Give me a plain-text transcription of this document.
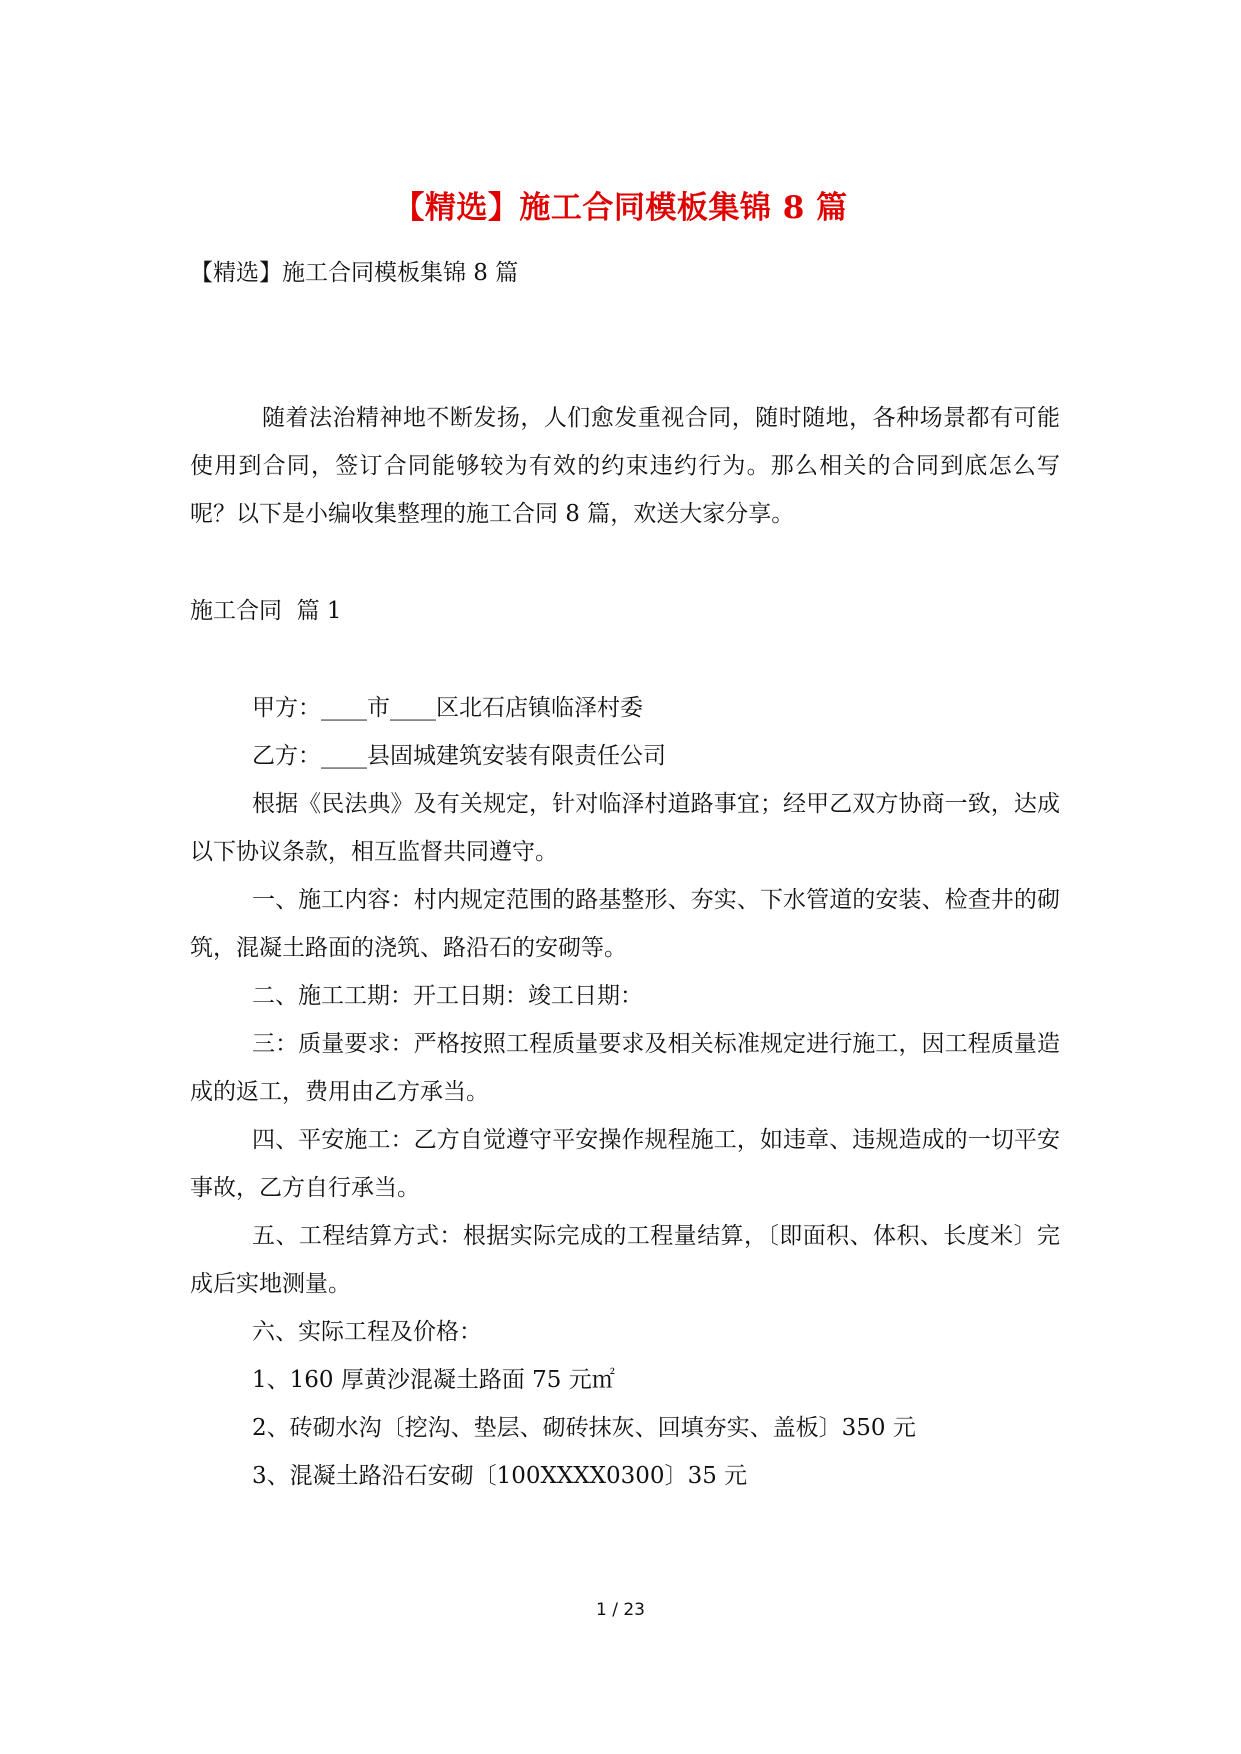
【精选】施工合同模板集锦 8 篇
【精选】施工合同模板集锦 8 篇

随着法治精神地不断发扬，人们愈发重视合同，随时随地，各种场景都有可能使用到合同，签订合同能够较为有效的约束违约行为。那么相关的合同到底怎么写呢？以下是小编收集整理的施工合同 8 篇，欢送大家分享。

施工合同  篇 1

甲方：____市____区北石店镇临泽村委

乙方：____县固城建筑安装有限责任公司

根据《民法典》及有关规定，针对临泽村道路事宜；经甲乙双方协商一致，达成以下协议条款，相互监督共同遵守。

一、施工内容：村内规定范围的路基整形、夯实、下水管道的安装、检查井的砌筑，混凝土路面的浇筑、路沿石的安砌等。

二、施工工期：开工日期：竣工日期：

三：质量要求：严格按照工程质量要求及相关标准规定进行施工，因工程质量造成的返工，费用由乙方承当。

四、平安施工：乙方自觉遵守平安操作规程施工，如违章、违规造成的一切平安事故，乙方自行承当。

五、工程结算方式：根据实际完成的工程量结算，〔即面积、体积、长度米〕完成后实地测量。

六、实际工程及价格：

1、160 厚黄沙混凝土路面 75 元㎡

2、砖砌水沟〔挖沟、垫层、砌砖抹灰、回填夯实、盖板〕350 元

3、混凝土路沿石安砌〔100XXXX0300〕35 元

1 / 23
